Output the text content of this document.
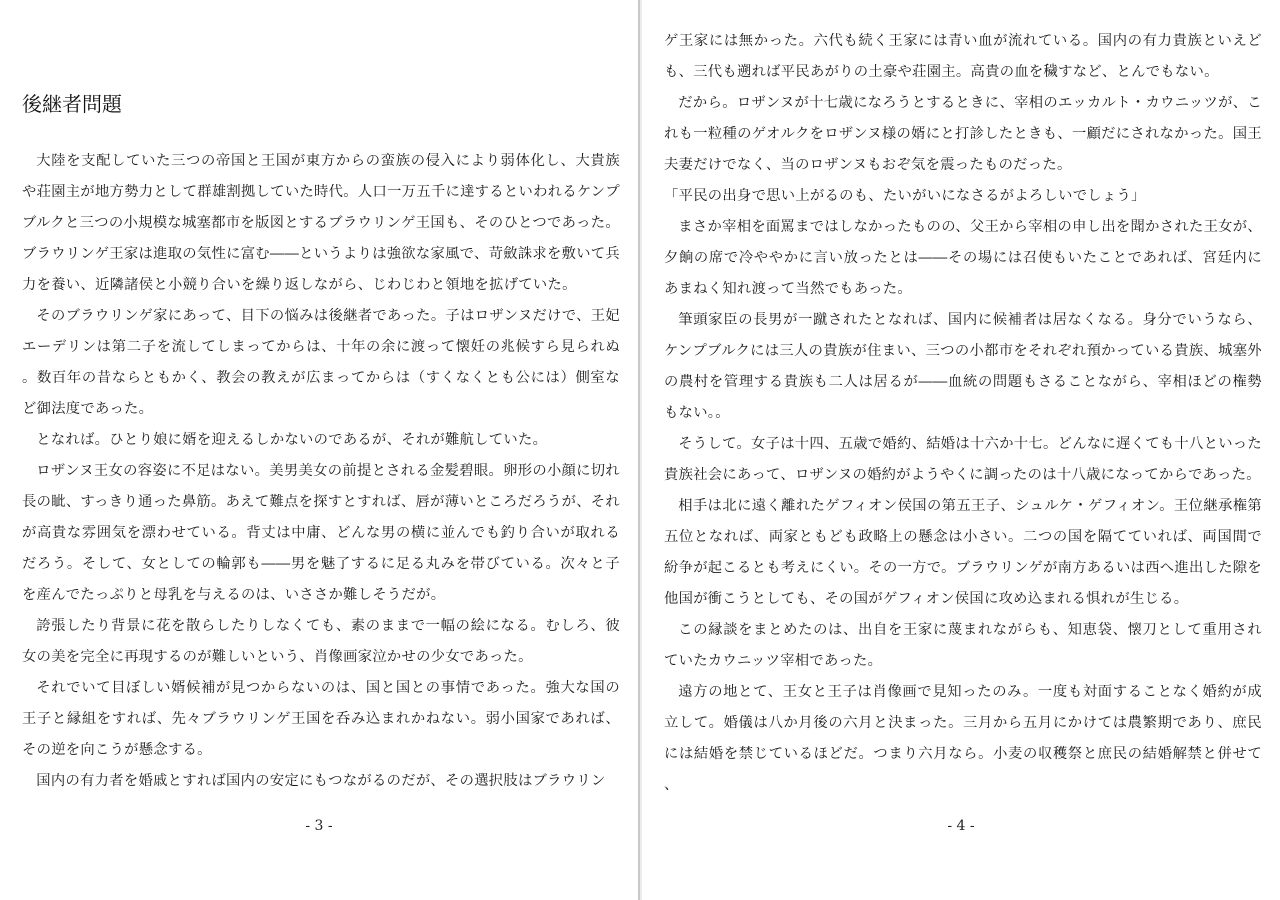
後継者問題

大陸を支配していた三つの帝国と王国が東方からの蛮族の侵入により弱体化し、大貴族や荘園主が地方勢力として群雄割拠していた時代。人口一万五千に達するといわれるケンプブルクと三つの小規模な城塞都市を版図とするブラウリンゲ王国も、そのひとつであった。ブラウリンゲ王家は進取の気性に富む――というよりは強欲な家風で、苛斂誅求を敷いて兵力を養い、近隣諸侯と小競り合いを繰り返しながら、じわじわと領地を拡げていた。

そのブラウリンゲ家にあって、目下の悩みは後継者であった。子はロザンヌだけで、王妃エーデリンは第二子を流してしまってからは、十年の余に渡って懐妊の兆候すら見られぬ。数百年の昔ならともかく、教会の教えが広まってからは（すくなくとも公には）側室など御法度であった。

となれば。ひとり娘に婿を迎えるしかないのであるが、それが難航していた。

ロザンヌ王女の容姿に不足はない。美男美女の前提とされる金髪碧眼。卵形の小顔に切れ長の眦、すっきり通った鼻筋。あえて難点を探すとすれば、唇が薄いところだろうが、それが高貴な雰囲気を漂わせている。背丈は中庸、どんな男の横に並んでも釣り合いが取れるだろう。そして、女としての輪郭も――男を魅了するに足る丸みを帯びている。次々と子を産んでたっぷりと母乳を与えるのは、いささか難しそうだが。

誇張したり背景に花を散らしたりしなくても、素のままで一幅の絵になる。むしろ、彼女の美を完全に再現するのが難しいという、肖像画家泣かせの少女であった。

それでいて目ぼしい婿候補が見つからないのは、国と国との事情であった。強大な国の王子と縁組をすれば、先々ブラウリンゲ王国を呑み込まれかねない。弱小国家であれば、その逆を向こうが懸念する。

国内の有力者を婚戚とすれば国内の安定にもつながるのだが、その選択肢はブラウリン

- 3 -

ゲ王家には無かった。六代も続く王家には青い血が流れている。国内の有力貴族といえども、三代も遡れば平民あがりの土豪や荘園主。高貴の血を穢すなど、とんでもない。

だから。ロザンヌが十七歳になろうとするときに、宰相のエッカルト・カウニッツが、これも一粒種のゲオルクをロザンヌ様の婿にと打診したときも、一顧だにされなかった。国王夫妻だけでなく、当のロザンヌもおぞ気を震ったものだった。

「平民の出身で思い上がるのも、たいがいになさるがよろしいでしょう」

まさか宰相を面罵まではしなかったものの、父王から宰相の申し出を聞かされた王女が、夕餉の席で冷ややかに言い放ったとは――その場には召使もいたことであれば、宮廷内にあまねく知れ渡って当然でもあった。

筆頭家臣の長男が一蹴されたとなれば、国内に候補者は居なくなる。身分でいうなら、ケンプブルクには三人の貴族が住まい、三つの小都市をそれぞれ預かっている貴族、城塞外の農村を管理する貴族も二人は居るが――血統の問題もさることながら、宰相ほどの権勢もない。。

そうして。女子は十四、五歳で婚約、結婚は十六か十七。どんなに遅くても十八といった貴族社会にあって、ロザンヌの婚約がようやくに調ったのは十八歳になってからであった。

相手は北に遠く離れたゲフィオン侯国の第五王子、シュルケ・ゲフィオン。王位継承権第五位となれば、両家ともども政略上の懸念は小さい。二つの国を隔てていれば、両国間で紛争が起こるとも考えにくい。その一方で。ブラウリンゲが南方あるいは西へ進出した隙を他国が衝こうとしても、その国がゲフィオン侯国に攻め込まれる惧れが生じる。

この縁談をまとめたのは、出自を王家に蔑まれながらも、知恵袋、懐刀として重用されていたカウニッツ宰相であった。

遠方の地とて、王女と王子は肖像画で見知ったのみ。一度も対面することなく婚約が成立して。婚儀は八か月後の六月と決まった。三月から五月にかけては農繁期であり、庶民には結婚を禁じているほどだ。つまり六月なら。小麦の収穫祭と庶民の結婚解禁と併せて、

- 4 -
